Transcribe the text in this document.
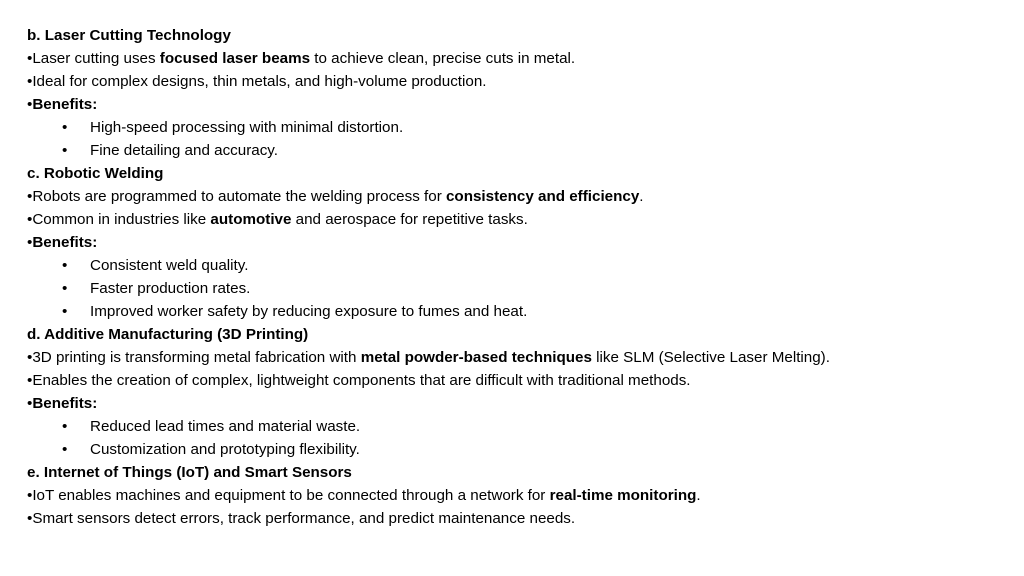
b. Laser Cutting Technology
•Laser cutting uses focused laser beams to achieve clean, precise cuts in metal.
•Ideal for complex designs, thin metals, and high-volume production.
•Benefits:
• High-speed processing with minimal distortion.
• Fine detailing and accuracy.
c. Robotic Welding
•Robots are programmed to automate the welding process for consistency and efficiency.
•Common in industries like automotive and aerospace for repetitive tasks.
•Benefits:
• Consistent weld quality.
• Faster production rates.
• Improved worker safety by reducing exposure to fumes and heat.
d. Additive Manufacturing (3D Printing)
•3D printing is transforming metal fabrication with metal powder-based techniques like SLM (Selective Laser Melting).
•Enables the creation of complex, lightweight components that are difficult with traditional methods.
•Benefits:
• Reduced lead times and material waste.
• Customization and prototyping flexibility.
e. Internet of Things (IoT) and Smart Sensors
•IoT enables machines and equipment to be connected through a network for real-time monitoring.
•Smart sensors detect errors, track performance, and predict maintenance needs.
